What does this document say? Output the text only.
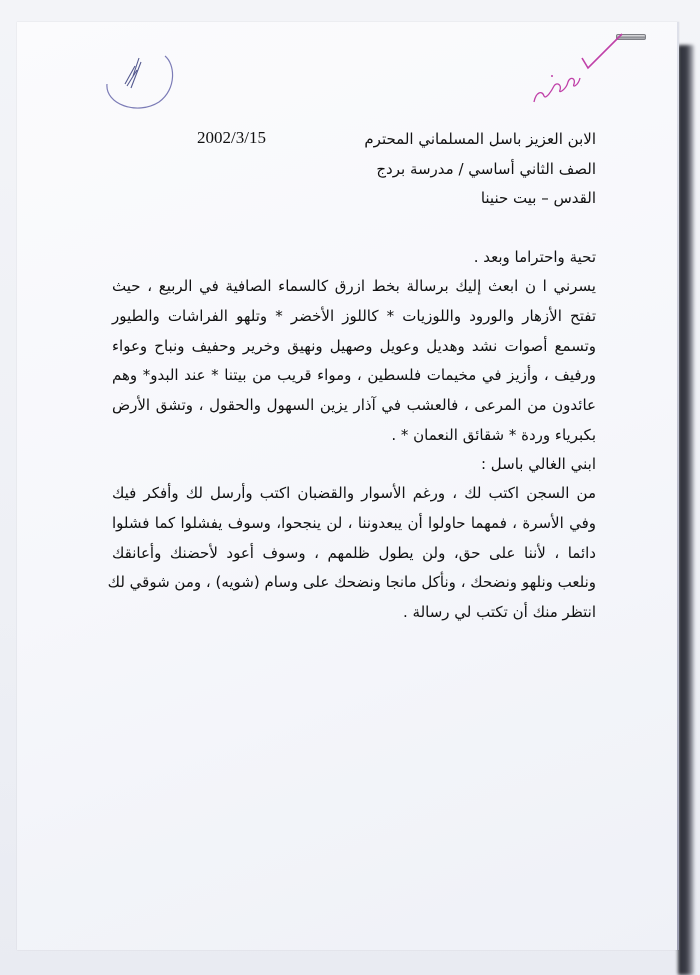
2002/3/15	الابن العزيز باسل المسلماني المحترم
الصف الثاني أساسي / مدرسة بردج
القدس – بيت حنينا
تحية واحتراما وبعد .
يسرني ا ن ابعث إليك برسالة بخط ازرق كالسماء الصافية في الربيع ، حيث
تفتح الأزهار والورود واللوزيات * كاللوز الأخضر * وتلهو الفراشات والطيور
وتسمع أصوات نشد وهديل وعويل وصهيل ونهيق وخرير وحفيف ونباح وعواء
ورفيف ، وأزيز في مخيمات فلسطين ، ومواء قريب من بيتنا * عند البدو* وهم
عائدون من المرعى ، فالعشب في آذار يزين السهول والحقول ، وتشق الأرض
بكبرياء وردة * شقائق النعمان * .
ابني الغالي باسل :
من السجن اكتب لك ، ورغم الأسوار والقضبان اكتب وأرسل لك وأفكر فيك
وفي الأسرة ، فمهما حاولوا أن يبعدوننا ، لن ينجحوا، وسوف يفشلوا كما فشلوا
دائما ، لأننا على حق، ولن يطول ظلمهم ، وسوف أعود لأحضنك وأعانقك
ونلعب ونلهو ونضحك ، ونأكل مانجا ونضحك على وسام (شويه) ، ومن شوقي لك
انتظر منك أن تكتب لي رسالة .
